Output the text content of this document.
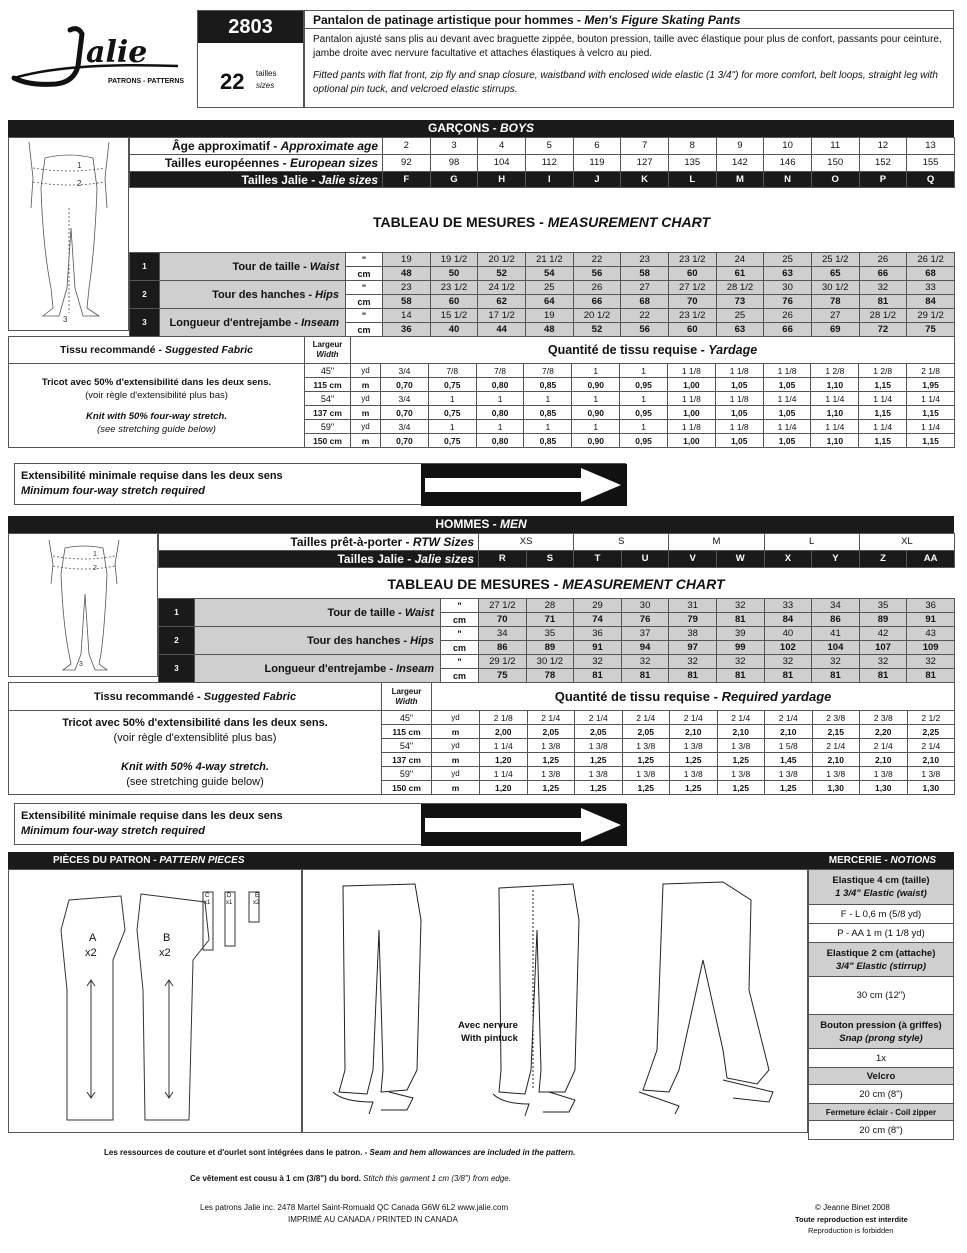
alie
PATRONS - PATTERNS
2803
22 tailles
sizes
Pantalon de patinage artistique pour hommes - Men's Figure Skating Pants
Pantalon ajusté sans plis au devant avec braguette zippée, bouton pression, taille avec élastique pour plus de confort, passants pour ceinture, jambe droite avec nervure facultative et attaches élastiques à velcro au pied.
Fitted pants with flat front, zip fly and snap closure, waistband with enclosed wide elastic (1 3/4") for more comfort, belt loops, straight leg with optional pin tuck, and velcroed elastic stirrups.
GARÇONS - BOYS
1
2
3
Âge approximatif - Approximate age	2	3	4	5	6	7	8	9	10	11	12	13
Tailles européennes - European sizes	92	98	104	112	119	127	135	142	146	150	152	155
Tailles Jalie - Jalie sizes	F	G	H	I	J	K	L	M	N	O	P	Q
TABLEAU DE MESURES - MEASUREMENT CHART
1	Tour de taille - Waist	"	19	19 1/2	20 1/2	21 1/2	22	23	23 1/2	24	25	25 1/2	26	26 1/2
		cm	48	50	52	54	56	58	60	61	63	65	66	68
2	Tour des hanches - Hips	"	23	23 1/2	24 1/2	25	26	27	27 1/2	28 1/2	30	30 1/2	32	33
		cm	58	60	62	64	66	68	70	73	76	78	81	84
3	Longueur d'entrejambe - Inseam	"	14	15 1/2	17 1/2	19	20 1/2	22	23 1/2	25	26	27	28 1/2	29 1/2
		cm	36	40	44	48	52	56	60	63	66	69	72	75
Tissu recommandé - Suggested Fabric	Largeur
Width	Quantité de tissu requise - Yardage												

Tricot avec 50% d'extensibilité dans les deux sens.
(voir règle d'extensibilité plus bas)
Knit with 50% four-way stretch.
(see stretching guide below)	45"	yd	3/4	7/8	7/8	7/8	1	1	1 1/8	1 1/8	1 1/8	1 2/8	1 2/8	2 1/8
	115 cm	m	0,70	0,75	0,80	0,85	0,90	0,95	1,00	1,05	1,05	1,10	1,15	1,95
	54"	yd	3/4	1	1	1	1	1	1 1/8	1 1/8	1 1/4	1 1/4	1 1/4	1 1/4
	137 cm	m	0,70	0,75	0,80	0,85	0,90	0,95	1,00	1,05	1,05	1,10	1,15	1,15
	59"	yd	3/4	1	1	1	1	1	1 1/8	1 1/8	1 1/4	1 1/4	1 1/4	1 1/4
	150 cm	m	0,70	0,75	0,80	0,85	0,90	0,95	1,00	1,05	1,05	1,10	1,15	1,15
Extensibilité minimale requise dans les deux sens
Minimum four-way stretch required
HOMMES - MEN
1
2
3
Tailles prêt-à-porter - RTW Sizes	XS		S		M		L		XL	
Tailles Jalie - Jalie sizes	R	S	T	U	V	W	X	Y	Z	AA
TABLEAU DE MESURES - MEASUREMENT CHART
1	Tour de taille - Waist	"	27 1/2	28	29	30	31	32	33	34	35	36
		cm	70	71	74	76	79	81	84	86	89	91
2	Tour des hanches - Hips	"	34	35	36	37	38	39	40	41	42	43
		cm	86	89	91	94	97	99	102	104	107	109
3	Longueur d'entrejambe - Inseam	"	29 1/2	30 1/2	32	32	32	32	32	32	32	32
		cm	75	78	81	81	81	81	81	81	81	81
Tissu recommandé - Suggested Fabric	Largeur
Width	Quantité de tissu requise - Required yardage										

Tricot avec 50% d'extensibilité dans les deux sens.
(voir règle d'extensiblité plus bas)
Knit with 50% 4-way stretch.
(see stretching guide below)	45"	yd	2 1/8	2 1/4	2 1/4	2 1/4	2 1/4	2 1/4	2 1/4	2 3/8	2 3/8	2 1/2
	115 cm	m	2,00	2,05	2,05	2,05	2,10	2,10	2,10	2,15	2,20	2,25
	54"	yd	1 1/4	1 3/8	1 3/8	1 3/8	1 3/8	1 3/8	1 5/8	2 1/4	2 1/4	2 1/4
	137 cm	m	1,20	1,25	1,25	1,25	1,25	1,25	1,45	2,10	2,10	2,10
	59"	yd	1 1/4	1 3/8	1 3/8	1 3/8	1 3/8	1 3/8	1 3/8	1 3/8	1 3/8	1 3/8
	150 cm	m	1,20	1,25	1,25	1,25	1,25	1,25	1,25	1,30	1,30	1,30
Extensibilité minimale requise dans les deux sens
Minimum four-way stretch required
PIÈCES DU PATRON - PATTERN PIECES	MERCERIE - NOTIONS
A
x2
B
x2
C
x1
D
x1
E
x2
Avec nervure
With pintuck
Elastique 4 cm (taille)
1 3/4" Elastic (waist)
F - L 0,6 m (5/8 yd)
P - AA 1 m (1 1/8 yd)
Elastique 2 cm (attache)
3/4" Elastic (stirrup)
30 cm (12")
Bouton pression (à griffes)
Snap (prong style)
1x
Velcro
20 cm (8")
Fermeture éclair - Coil zipper
20 cm (8")
Les ressources de couture et d'ourlet sont intégrées dans le patron. - Seam and hem allowances are included in the pattern.
Ce vêtement est cousu à 1 cm (3/8") du bord. Stitch this garment 1 cm (3/8") from edge.
Les patrons Jalie inc. 2478 Martel Saint-Romuald QC Canada G6W 6L2 www.jalie.com
IMPRIMÉ AU CANADA / PRINTED IN CANADA
© Jeanne Binet 2008
Toute reproduction est interdite
Reproduction is forbidden
